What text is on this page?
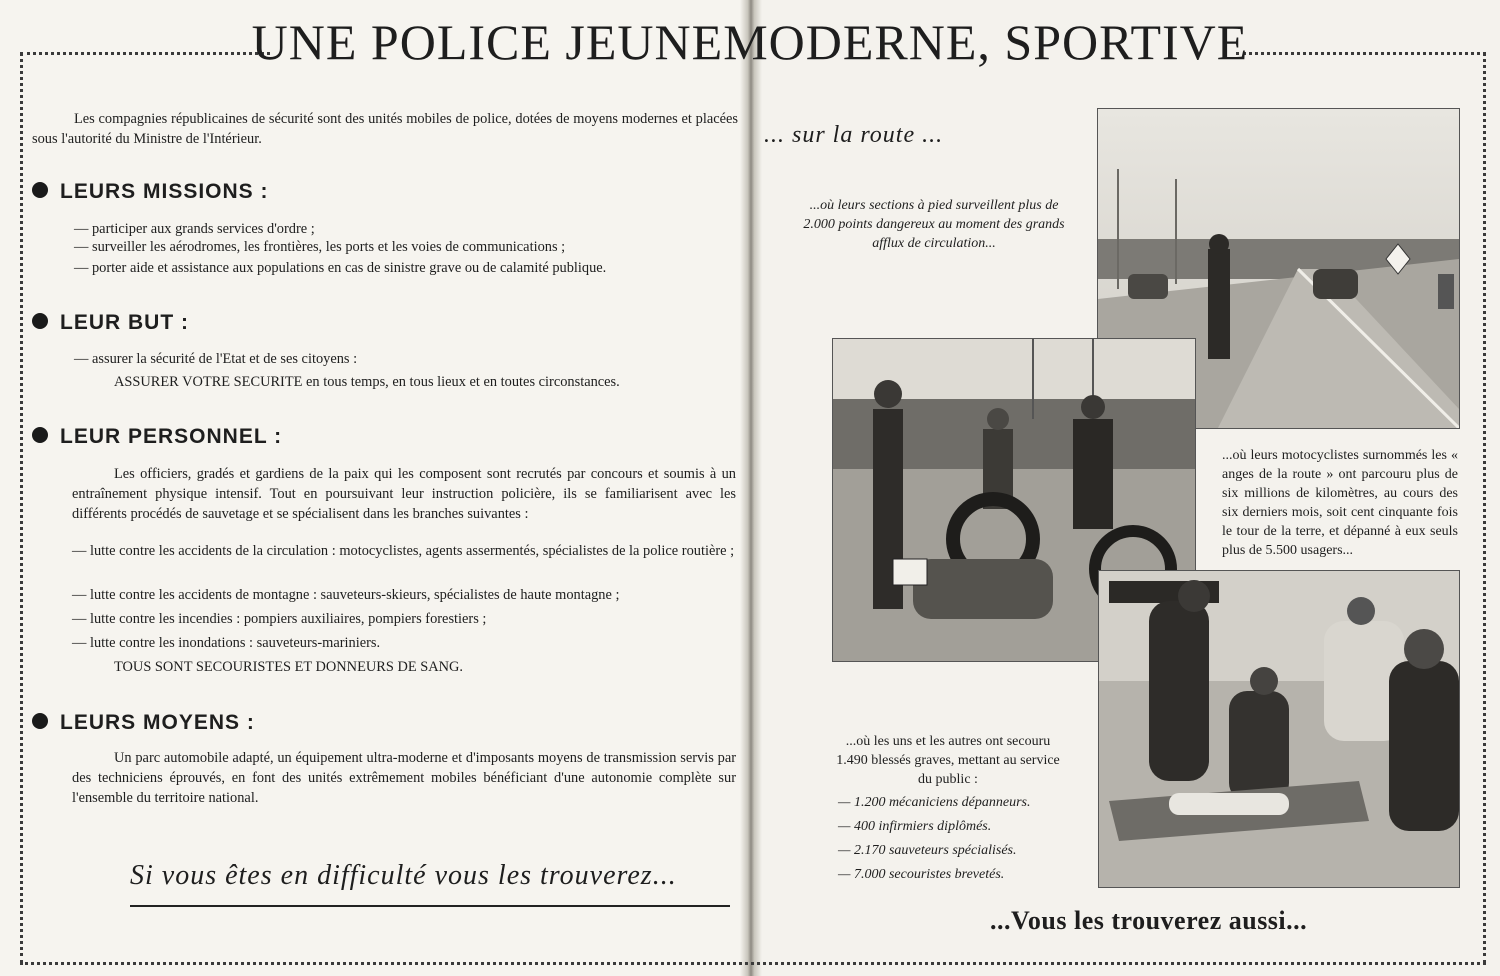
UNE POLICE JEUNEMODERNE, SPORTIVE
Les compagnies républicaines de sécurité sont des unités mobiles de police, dotées de moyens modernes et placées sous l'autorité du Ministre de l'Intérieur.
LEURS MISSIONS :
— participer aux grands services d'ordre ;
— surveiller les aérodromes, les frontières, les ports et les voies de communications ;
— porter aide et assistance aux populations en cas de sinistre grave ou de calamité publique.
LEUR BUT :
— assurer la sécurité de l'Etat et de ses citoyens :
ASSURER VOTRE SECURITE en tous temps, en tous lieux et en toutes circonstances.
LEUR PERSONNEL :
Les officiers, gradés et gardiens de la paix qui les composent sont recrutés par concours et soumis à un entraînement physique intensif. Tout en poursuivant leur instruction policière, ils se familiarisent avec les différents procédés de sauvetage et se spécialisent dans les branches suivantes :
— lutte contre les accidents de la circulation : motocyclistes, agents assermentés, spécialistes de la police routière ;
— lutte contre les accidents de montagne : sauveteurs-skieurs, spécialistes de haute montagne ;
— lutte contre les incendies : pompiers auxiliaires, pompiers forestiers ;
— lutte contre les inondations : sauveteurs-mariniers.
TOUS SONT SECOURISTES ET DONNEURS DE SANG.
LEURS MOYENS :
Un parc automobile adapté, un équipement ultra-moderne et d'imposants moyens de transmission servis par des techniciens éprouvés, en font des unités extrêmement mobiles bénéficiant d'une autonomie complète sur l'ensemble du territoire national.
Si vous êtes en difficulté vous les trouverez...
... sur la route ...
...où leurs sections à pied surveillent plus de 2.000 points dangereux au moment des grands afflux de circulation...
...où leurs motocyclistes surnommés les « anges de la route » ont parcouru plus de six millions de kilomètres, au cours des six derniers mois, soit cent cinquante fois le tour de la terre, et dépanné à eux seuls plus de 5.500 usagers...
...où les uns et les autres ont secouru 1.490 blessés graves, mettant au service du public :
— 1.200 mécaniciens dépanneurs.
— 400 infirmiers diplômés.
— 2.170 sauveteurs spécialisés.
— 7.000 secouristes brevetés.
...Vous les trouverez aussi...
